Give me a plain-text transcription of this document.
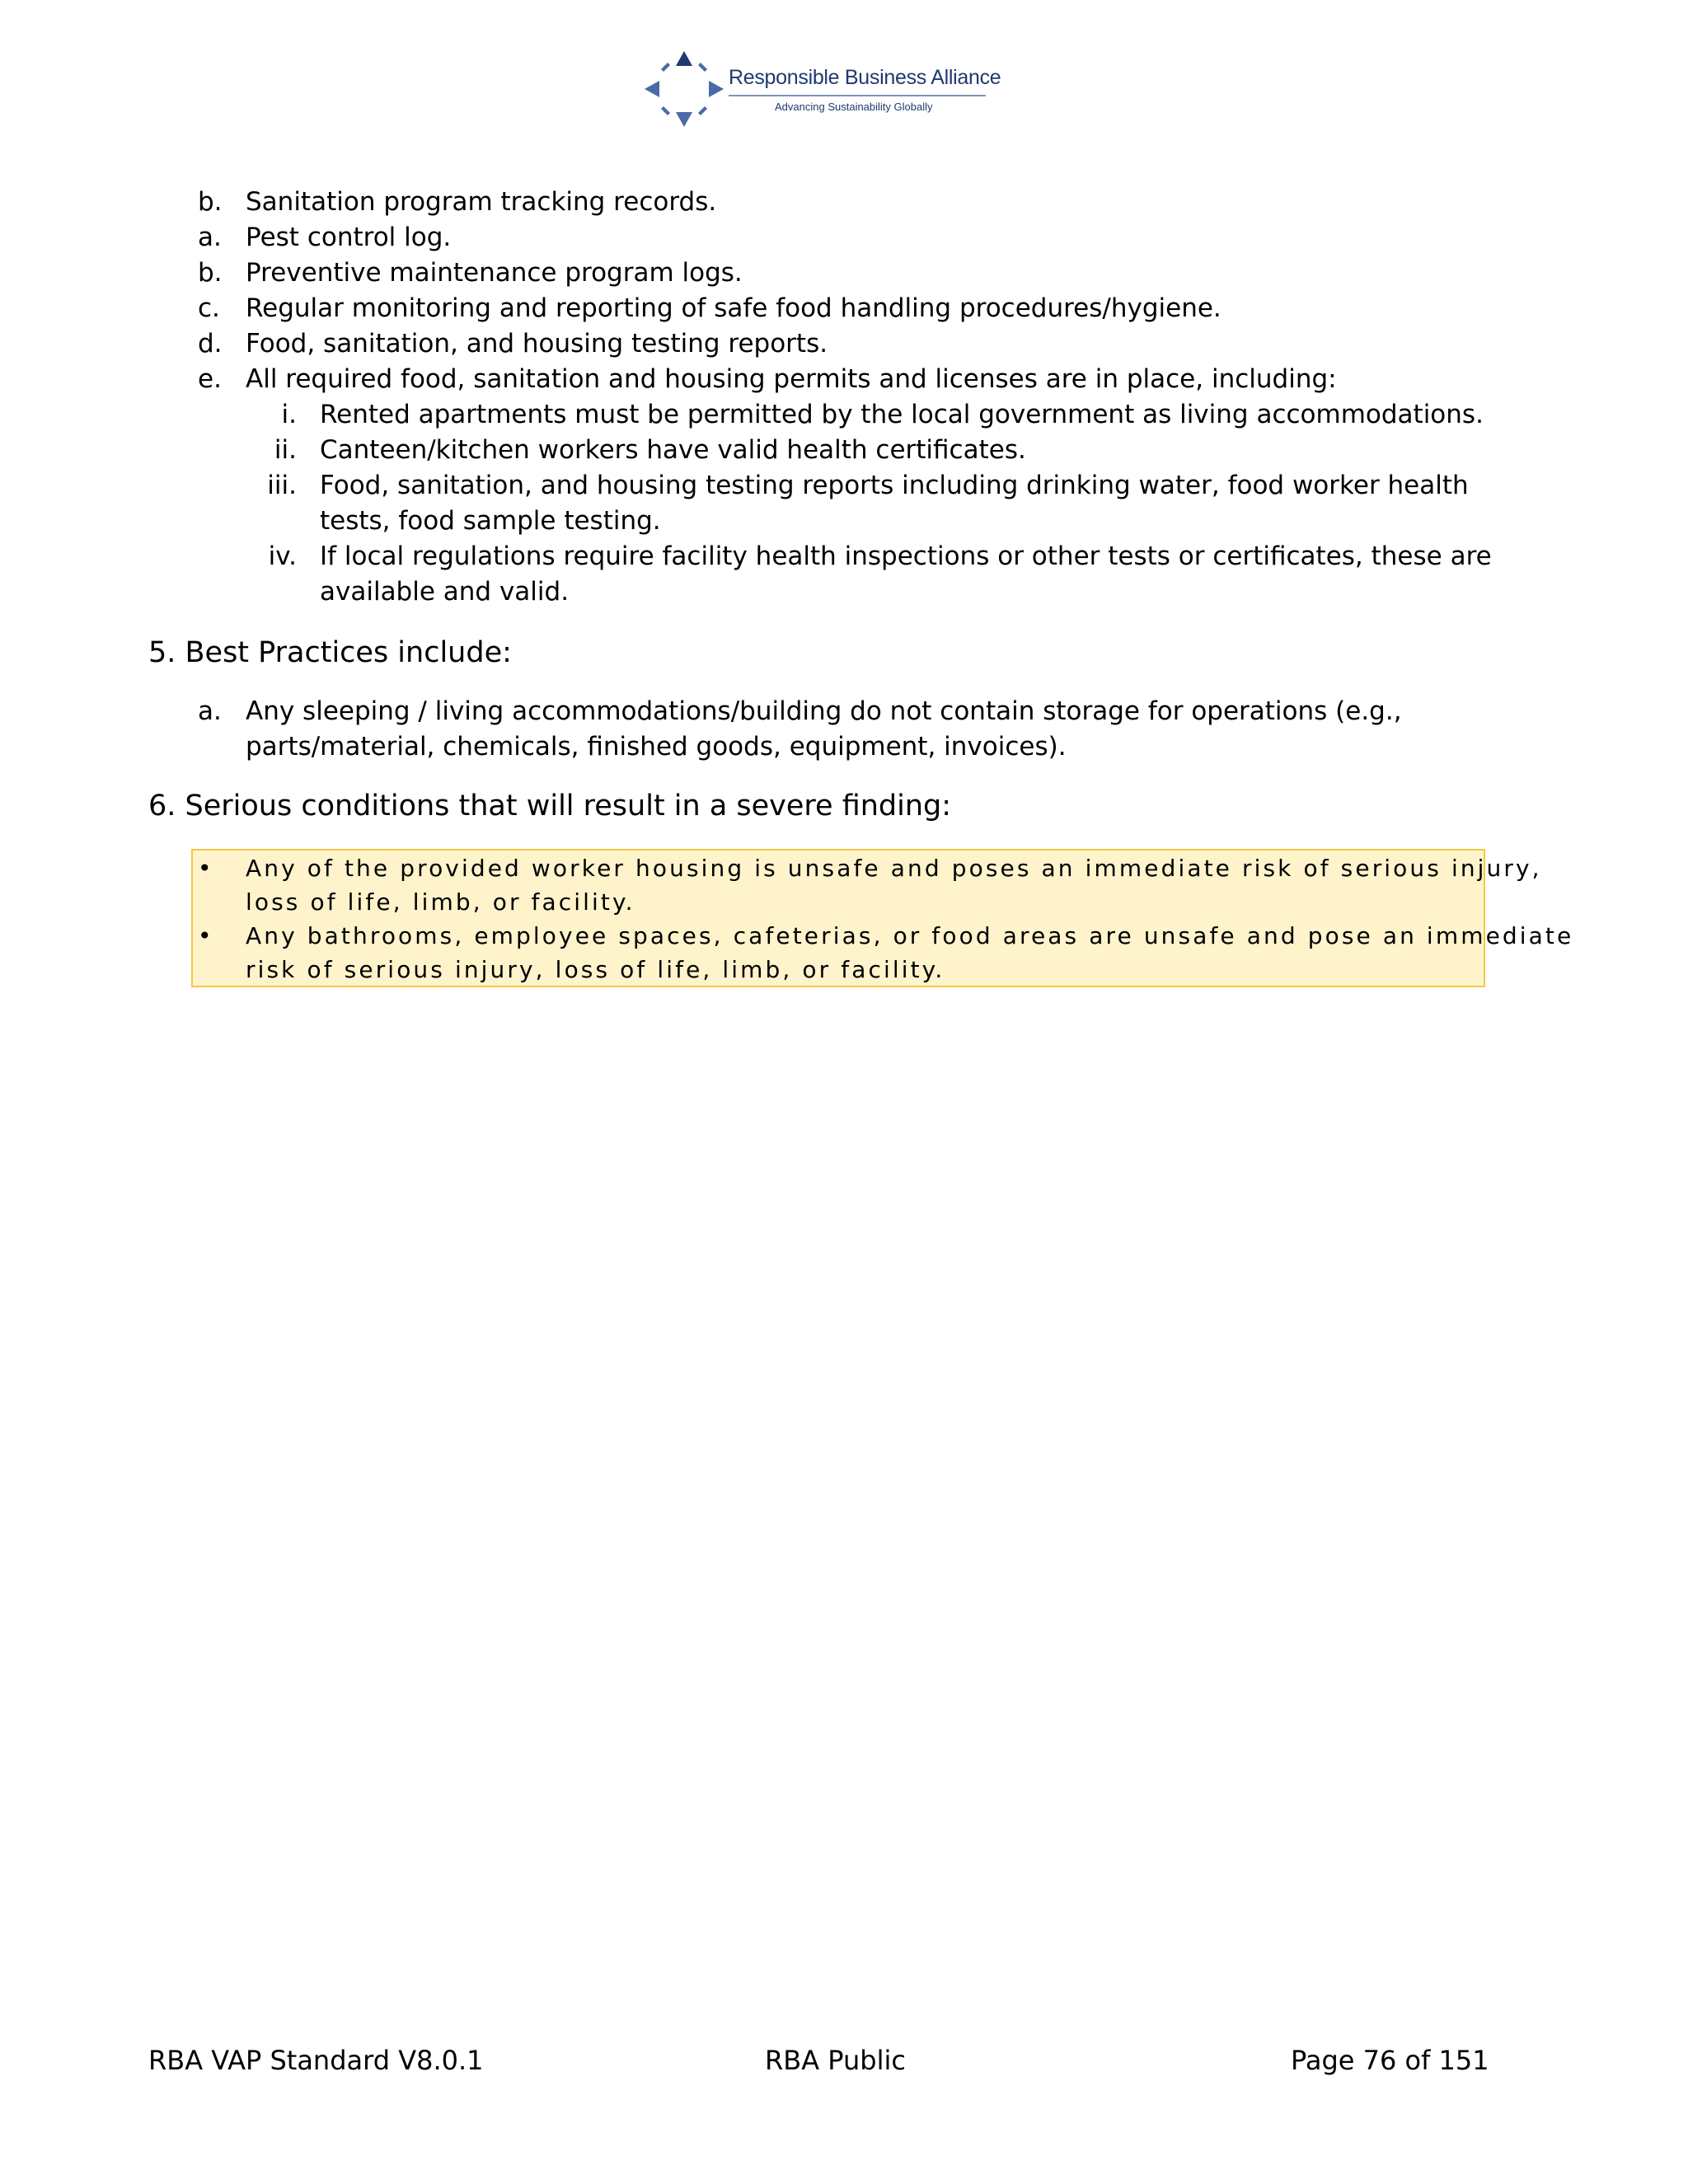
Responsible Business Alliance
Advancing Sustainability Globally
b. Sanitation program tracking records.
a. Pest control log.
b. Preventive maintenance program logs.
c. Regular monitoring and reporting of safe food handling procedures/hygiene.
d. Food, sanitation, and housing testing reports.
e. All required food, sanitation and housing permits and licenses are in place, including:
i. Rented apartments must be permitted by the local government as living accommodations.
ii. Canteen/kitchen workers have valid health certificates.
iii. Food, sanitation, and housing testing reports including drinking water, food worker health
tests, food sample testing.
iv. If local regulations require facility health inspections or other tests or certificates, these are
available and valid.
5. Best Practices include:
a. Any sleeping / living accommodations/building do not contain storage for operations (e.g.,
parts/material, chemicals, finished goods, equipment, invoices).
6. Serious conditions that will result in a severe finding:
• Any of the provided worker housing is unsafe and poses an immediate risk of serious injury,
loss of life, limb, or facility.
• Any bathrooms, employee spaces, cafeterias, or food areas are unsafe and pose an immediate
risk of serious injury, loss of life, limb, or facility.
RBA VAP Standard V8.0.1	RBA Public	Page 76 of 151
